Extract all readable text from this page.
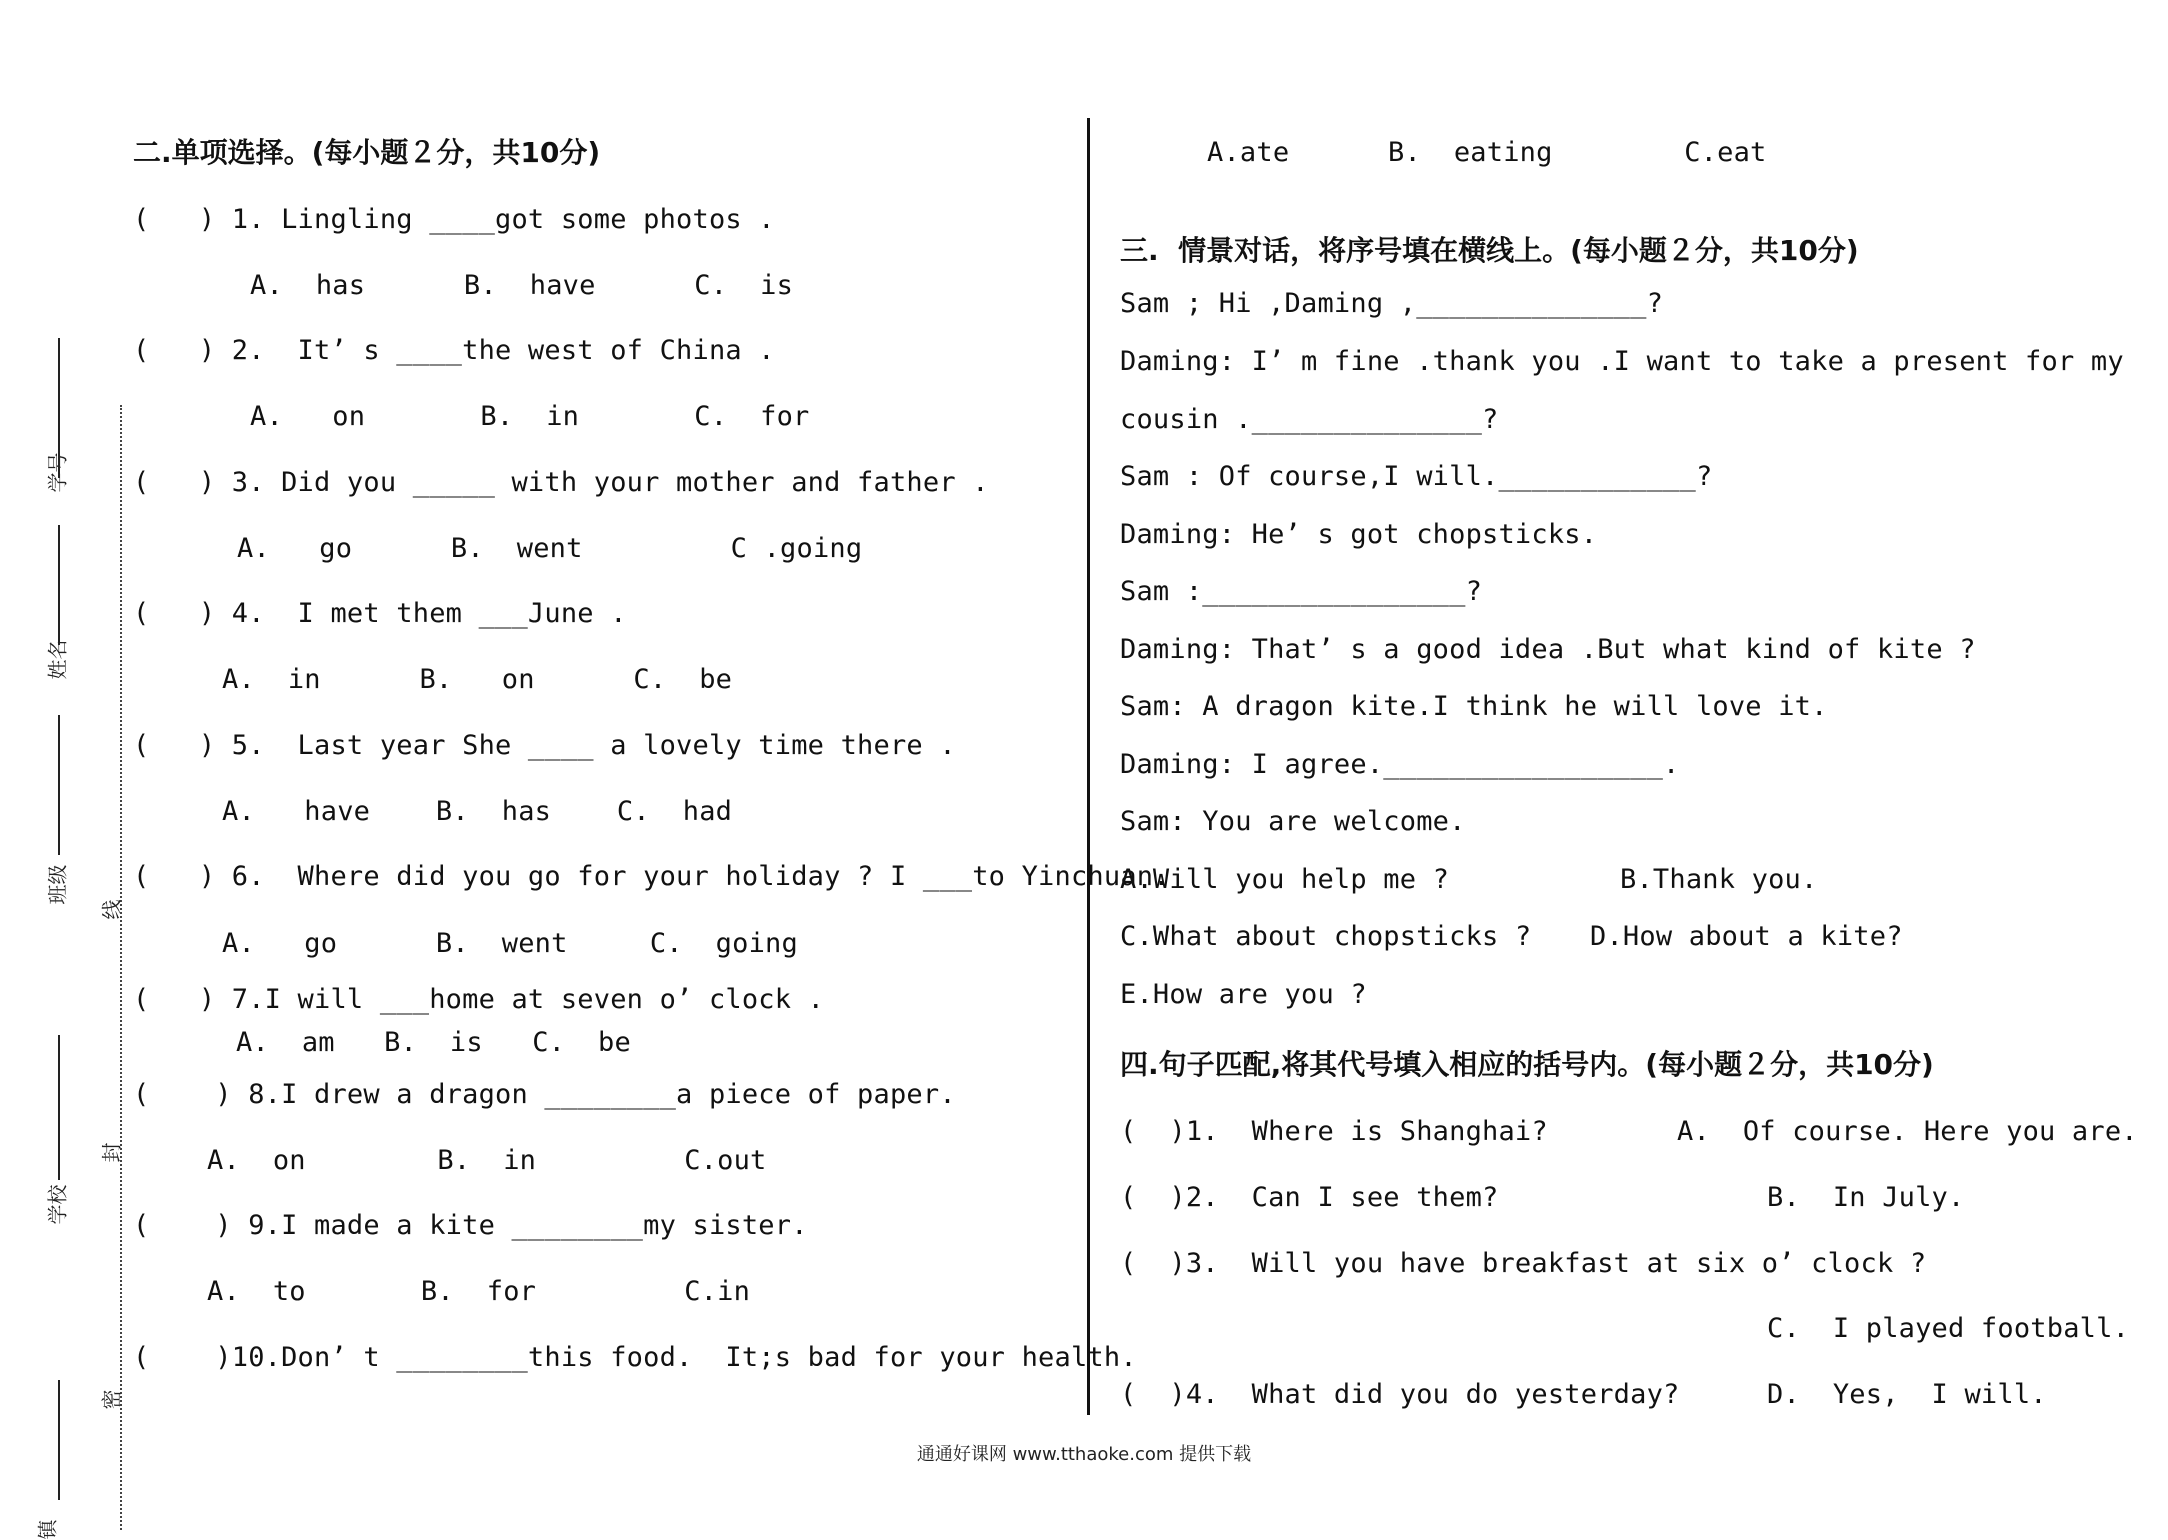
学号
姓名
班级
学校
镇
线
封
密
二.单项选择。(每小题２分，共10分)
(   ) 1. Lingling ____got some photos .
A.  has      B.  have      C.  is
(   ) 2.  It’ s ____the west of China .
A.   on       B.  in       C.  for
(   ) 3. Did you _____ with your mother and father .
A.   go      B.  went         C .going
(   ) 4.  I met them ___June .
A.  in      B.   on      C.  be
(   ) 5.  Last year She ____ a lovely time there .
A.   have    B.  has    C.  had
(   ) 6.  Where did you go for your holiday ? I ___to Yinchuan.
A.   go      B.  went     C.  going
(   ) 7.I will ___home at seven o’ clock .
A.  am   B.  is   C.  be
(    ) 8.I drew a dragon ________a piece of paper.
A.  on        B.  in         C.out
(    ) 9.I made a kite ________my sister.
A.  to       B.  for         C.in
(    )10.Don’ t ________this food.  It;s bad for your health.
A.ate      B.  eating        C.eat
三.  情景对话，将序号填在横线上。(每小题２分，共10分)
Sam ; Hi ,Daming ,______________?
Daming: I’ m fine .thank you .I want to take a present for my
cousin .______________?
Sam : Of course,I will.____________?
Daming: He’ s got chopsticks.
Sam :________________?
Daming: That’ s a good idea .But what kind of kite ?
Sam: A dragon kite.I think he will love it.
Daming: I agree._________________.
Sam: You are welcome.
A.Will you help me ?	B.Thank you.
C.What about chopsticks ? D.How about a kite?
E.How are you ?
四.句子匹配,将其代号填入相应的括号内。(每小题２分，共10分)
(  )1.  Where is Shanghai?	A.  Of course. Here you are.
(  )2.  Can I see them?	B.  In July.
(  )3.  Will you have breakfast at six o’ clock ?
C.  I played football.
(  )4.  What did you do yesterday?	D.  Yes,  I will.
通通好课网 www.tthaoke.com 提供下载
